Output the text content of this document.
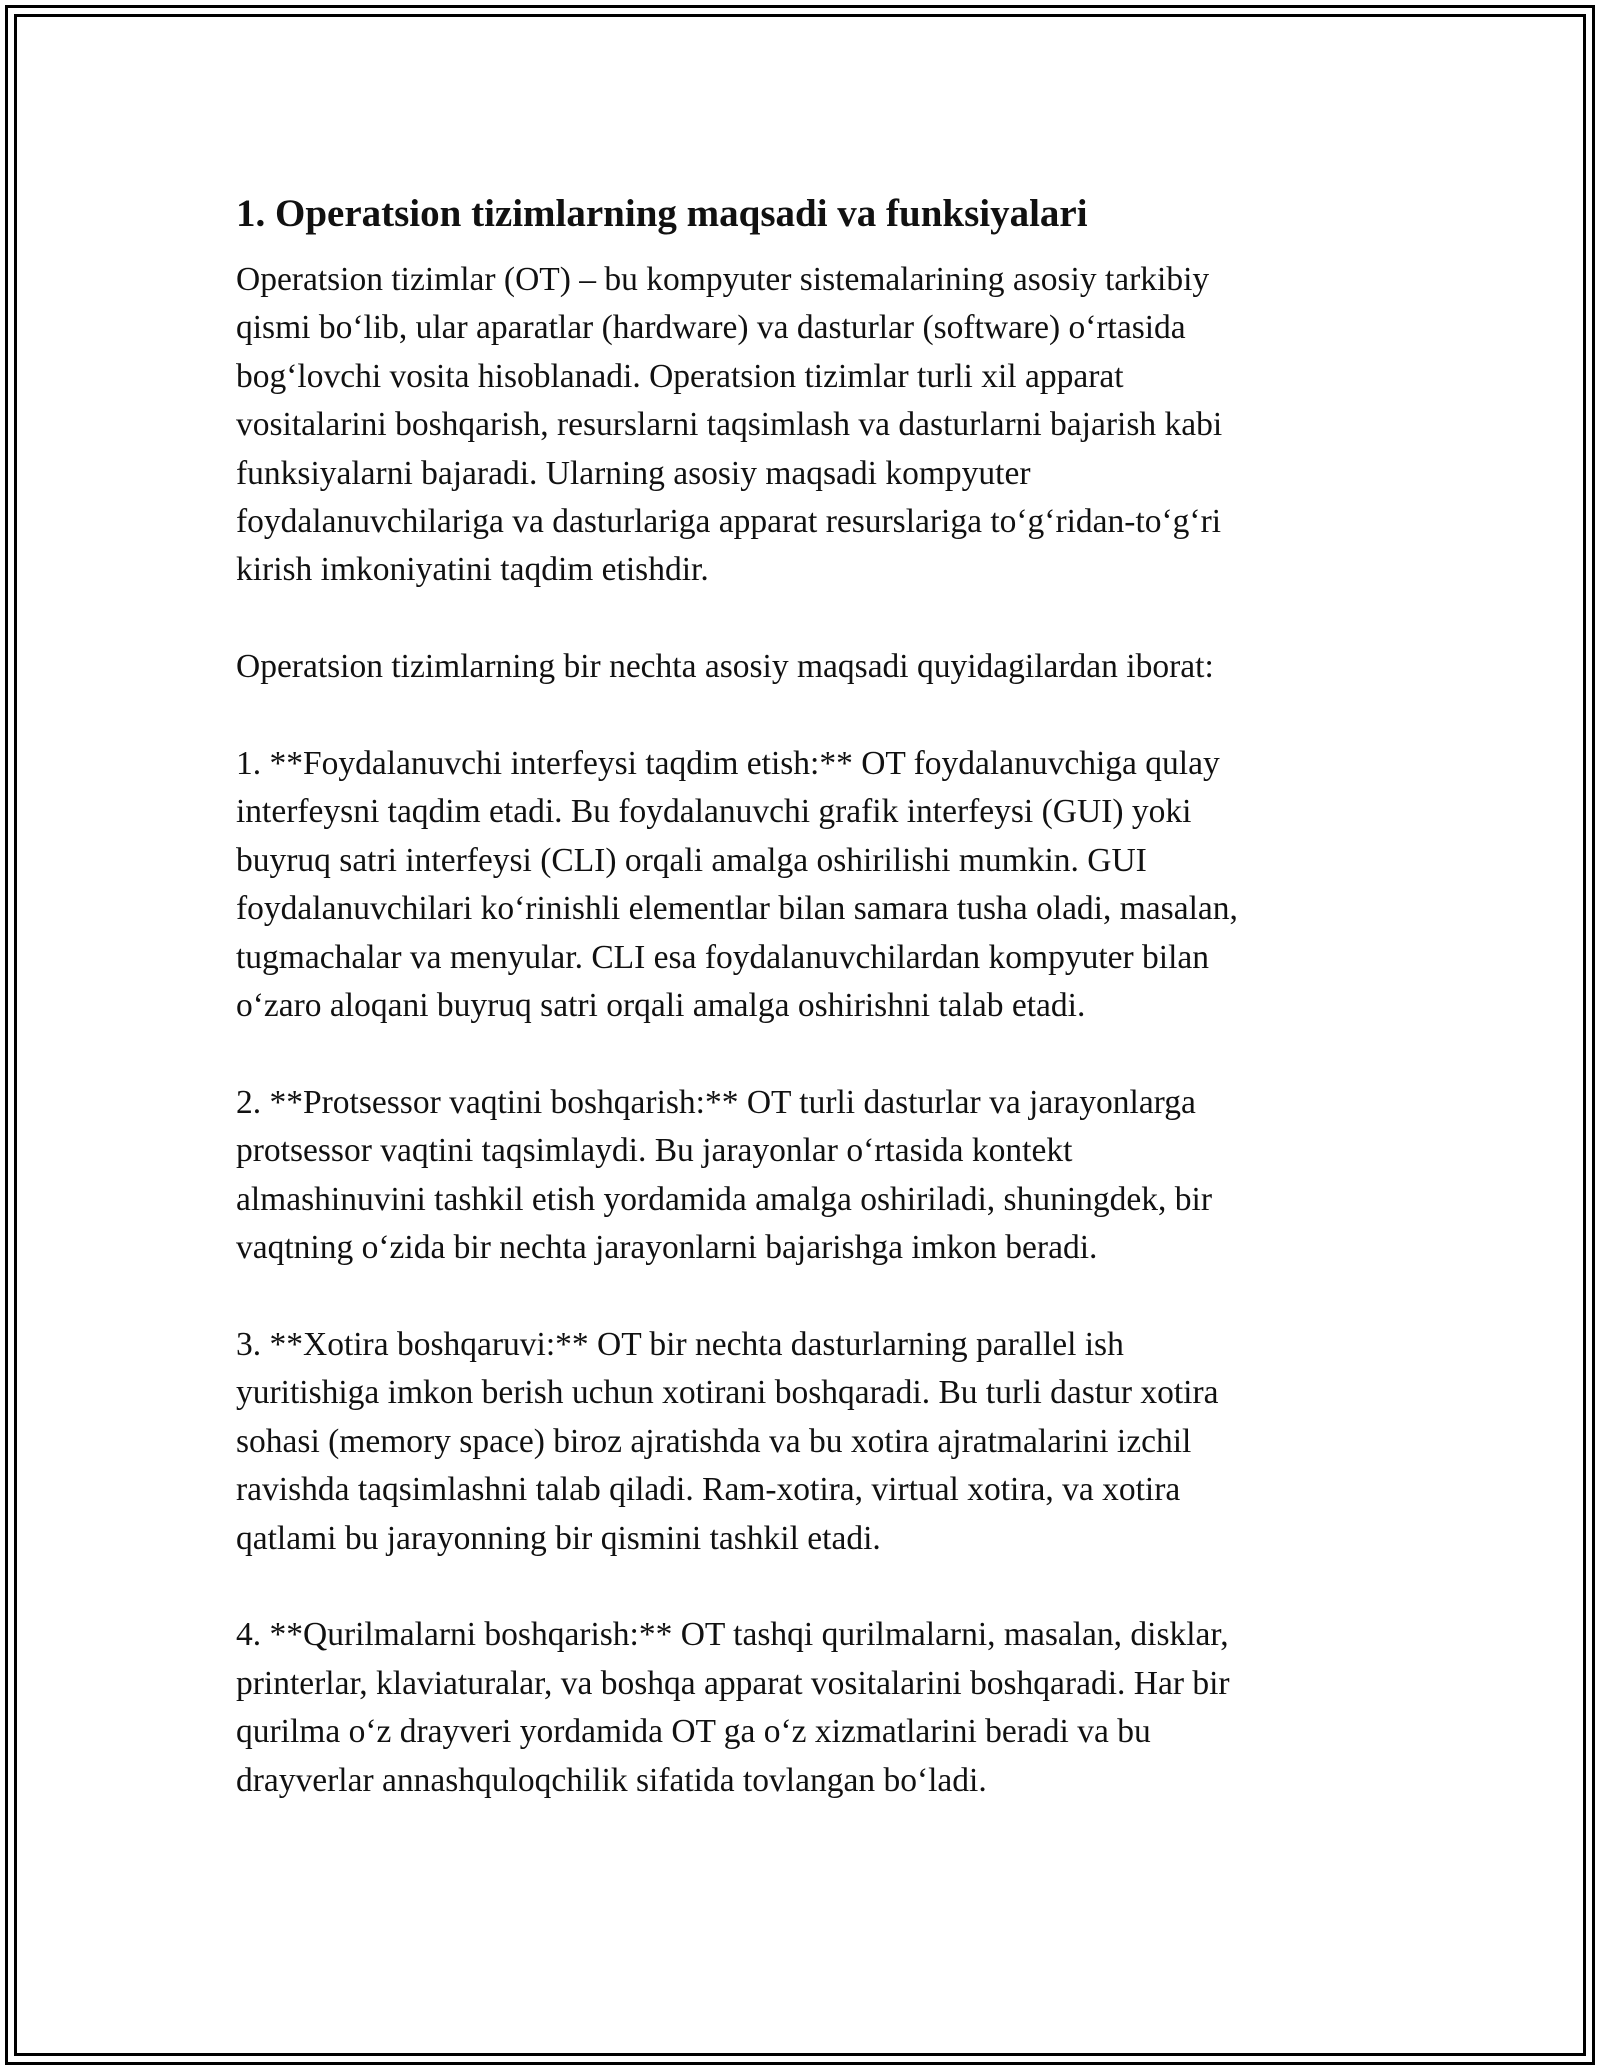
1. Operatsion tizimlarning maqsadi va funksiyalari

Operatsion tizimlar (OT) – bu kompyuter sistemalarining asosiy tarkibiy
qismi bo‘lib, ular aparatlar (hardware) va dasturlar (software) o‘rtasida
bog‘lovchi vosita hisoblanadi. Operatsion tizimlar turli xil apparat
vositalarini boshqarish, resurslarni taqsimlash va dasturlarni bajarish kabi
funksiyalarni bajaradi. Ularning asosiy maqsadi kompyuter
foydalanuvchilariga va dasturlariga apparat resurslariga to‘g‘ridan-to‘g‘ri
kirish imkoniyatini taqdim etishdir.

Operatsion tizimlarning bir nechta asosiy maqsadi quyidagilardan iborat:

1. **Foydalanuvchi interfeysi taqdim etish:** OT foydalanuvchiga qulay
interfeysni taqdim etadi. Bu foydalanuvchi grafik interfeysi (GUI) yoki
buyruq satri interfeysi (CLI) orqali amalga oshirilishi mumkin. GUI
foydalanuvchilari ko‘rinishli elementlar bilan samara tusha oladi, masalan,
tugmachalar va menyular. CLI esa foydalanuvchilardan kompyuter bilan
o‘zaro aloqani buyruq satri orqali amalga oshirishni talab etadi.

2. **Protsessor vaqtini boshqarish:** OT turli dasturlar va jarayonlarga
protsessor vaqtini taqsimlaydi. Bu jarayonlar o‘rtasida kontekt
almashinuvini tashkil etish yordamida amalga oshiriladi, shuningdek, bir
vaqtning o‘zida bir nechta jarayonlarni bajarishga imkon beradi.

3. **Xotira boshqaruvi:** OT bir nechta dasturlarning parallel ish
yuritishiga imkon berish uchun xotirani boshqaradi. Bu turli dastur xotira
sohasi (memory space) biroz ajratishda va bu xotira ajratmalarini izchil
ravishda taqsimlashni talab qiladi. Ram-xotira, virtual xotira, va xotira
qatlami bu jarayonning bir qismini tashkil etadi.

4. **Qurilmalarni boshqarish:** OT tashqi qurilmalarni, masalan, disklar,
printerlar, klaviaturalar, va boshqa apparat vositalarini boshqaradi. Har bir
qurilma o‘z drayveri yordamida OT ga o‘z xizmatlarini beradi va bu
drayverlar annashquloqchilik sifatida tovlangan bo‘ladi.
